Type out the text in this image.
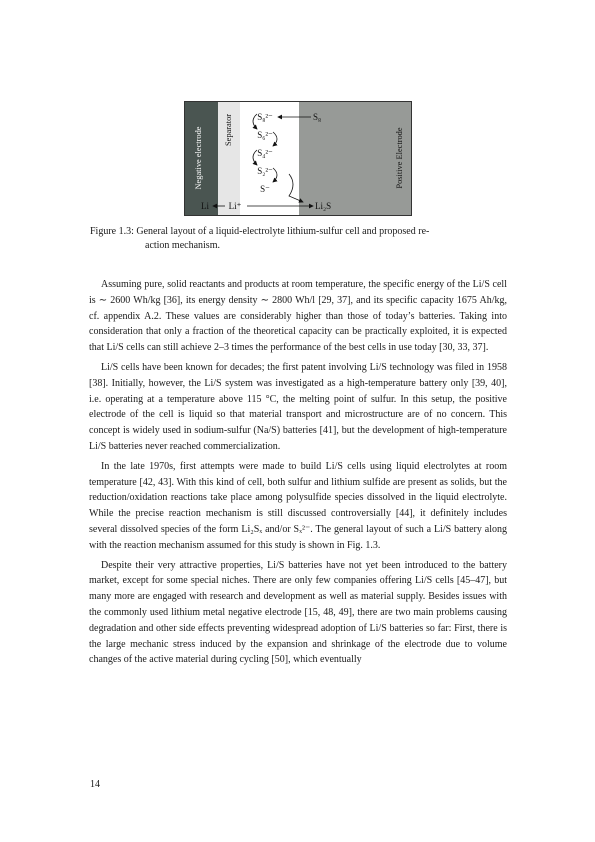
Negative electrode	Separator	Positive Electrode
S₈²⁻
S₆²⁻
S₄²⁻
S₂²⁻
S⁻
S₈
Li Li⁺	Li₂S
Figure 1.3: General layout of a liquid-electrolyte lithium-sulfur cell and proposed re-
action mechanism.

Assuming pure, solid reactants and products at room temperature, the specific energy of the Li/S cell is ∼ 2600 Wh/kg [36], its energy density ∼ 2800 Wh/l [29, 37], and its specific capacity 1675 Ah/kg, cf. appendix A.2. These values are considerably higher than those of today’s batteries. Taking into consideration that only a fraction of the theoretical capacity can be practically exploited, it is expected that Li/S cells can still achieve 2–3 times the performance of the best cells in use today [30, 33, 37].

Li/S cells have been known for decades; the first patent involving Li/S technology was filed in 1958 [38]. Initially, however, the Li/S system was investigated as a high-temperature battery only [39, 40], i.e. operating at a temperature above 115 °C, the melting point of sulfur. In this setup, the positive electrode of the cell is liquid so that material transport and microstructure are of no concern. This concept is widely used in sodium-sulfur (Na/S) batteries [41], but the development of high-temperature Li/S batteries never reached commercialization.

In the late 1970s, first attempts were made to build Li/S cells using liquid electrolytes at room temperature [42, 43]. With this kind of cell, both sulfur and lithium sulfide are present as solids, but the reduction/oxidation reactions take place among polysulfide species dissolved in the liquid electrolyte. While the precise reaction mechanism is still discussed controversially [44], it definitely includes several dissolved species of the form Li₂Sₓ and/or Sₓ²⁻. The general layout of such a Li/S battery along with the reaction mechanism assumed for this study is shown in Fig. 1.3.

Despite their very attractive properties, Li/S batteries have not yet been introduced to the battery market, except for some special niches. There are only few companies offering Li/S cells [45–47], but many more are engaged with research and development as well as material supply. Besides issues with the commonly used lithium metal negative electrode [15, 48, 49], there are two main problems causing degradation and other side effects preventing widespread adoption of Li/S batteries so far: First, there is the large mechanic stress induced by the expansion and shrinkage of the electrode due to volume changes of the active material during cycling [50], which eventually

14
